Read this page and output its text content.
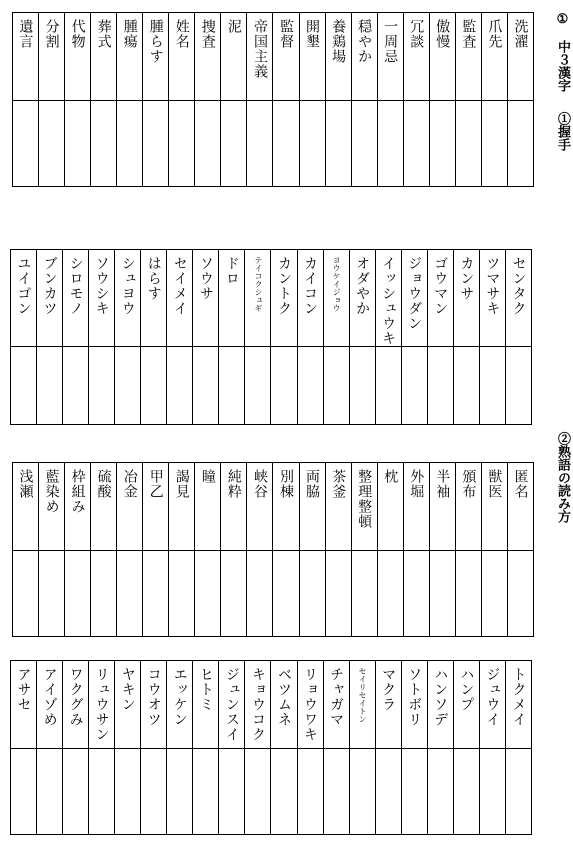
①
中３漢字
①握手
②熟語の読み方
遺言	分割	代物	葬式	腫瘍	腫らす	姓名	捜査	泥	帝国主義	監督	開墾	養鶏場	穏やか	一周忌	冗談	傲慢	監査	爪先	洗濯

ユイゴン	ブンカツ	シロモノ	ソウシキ	シュヨウ	はらす	セイメイ	ソウサ	ドロ	テイコクシュギ	カントク	カイコン	ヨウケイジョウ	オダやか	イッシュウキ	ジョウダン	ゴウマン	カンサ	ツマサキ	センタク

浅瀬	藍染め	枠組み	硫酸	冶金	甲乙	謁見	瞳	純粋	峡谷	別棟	両脇	茶釜	整理整頓	枕	外堀	半袖	頒布	獣医	匿名

アサセ	アイゾめ	ワクグみ	リュウサン	ヤキン	コウオツ	エッケン	ヒトミ	ジュンスイ	キョウコク	ベツムネ	リョウワキ	チャガマ	セイリセイトン	マクラ	ソトボリ	ハンソデ	ハンプ	ジュウイ	トクメイ
